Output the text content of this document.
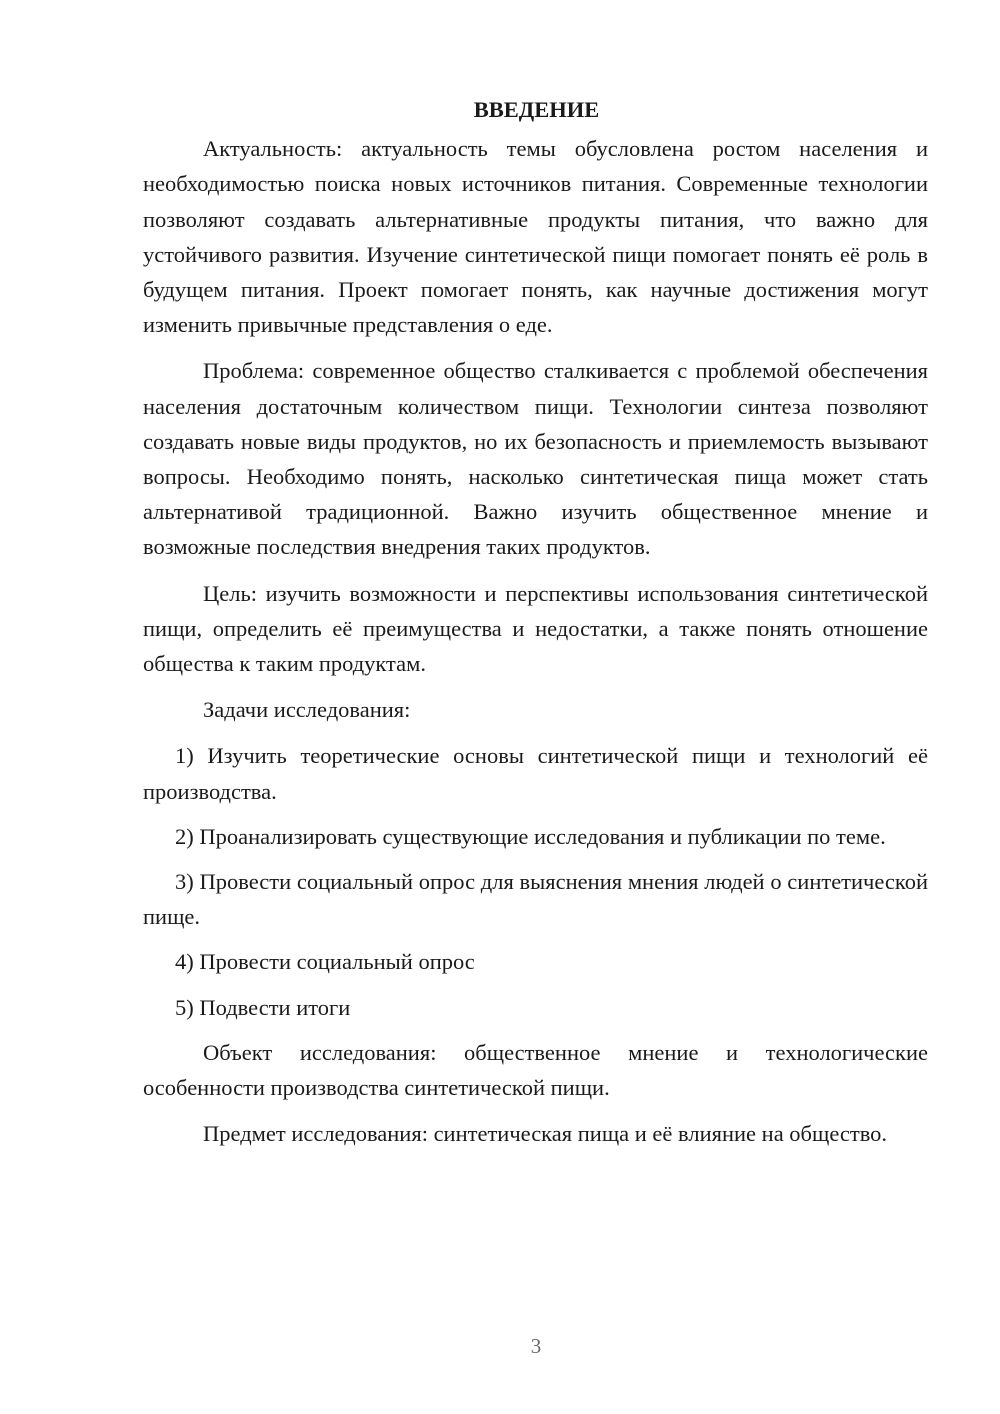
ВВЕДЕНИЕ

Актуальность: актуальность темы обусловлена ростом населения и необходимостью поиска новых источников питания. Современные технологии позволяют создавать альтернативные продукты питания, что важно для устойчивого развития. Изучение синтетической пищи помогает понять её роль в будущем питания. Проект помогает понять, как научные достижения могут изменить привычные представления о еде.

Проблема: современное общество сталкивается с проблемой обеспечения населения достаточным количеством пищи. Технологии синтеза позволяют создавать новые виды продуктов, но их безопасность и приемлемость вызывают вопросы. Необходимо понять, насколько синтетическая пища может стать альтернативой традиционной. Важно изучить общественное мнение и возможные последствия внедрения таких продуктов.

Цель: изучить возможности и перспективы использования синтетической пищи, определить её преимущества и недостатки, а также понять отношение общества к таким продуктам.

Задачи исследования:

1) Изучить теоретические основы синтетической пищи и технологий её производства.

2) Проанализировать существующие исследования и публикации по теме.

3) Провести социальный опрос для выяснения мнения людей о синтетической пище.

4) Провести социальный опрос

5) Подвести итоги

Объект исследования: общественное мнение и технологические особенности производства синтетической пищи.

Предмет исследования: синтетическая пища и её влияние на общество.

3
